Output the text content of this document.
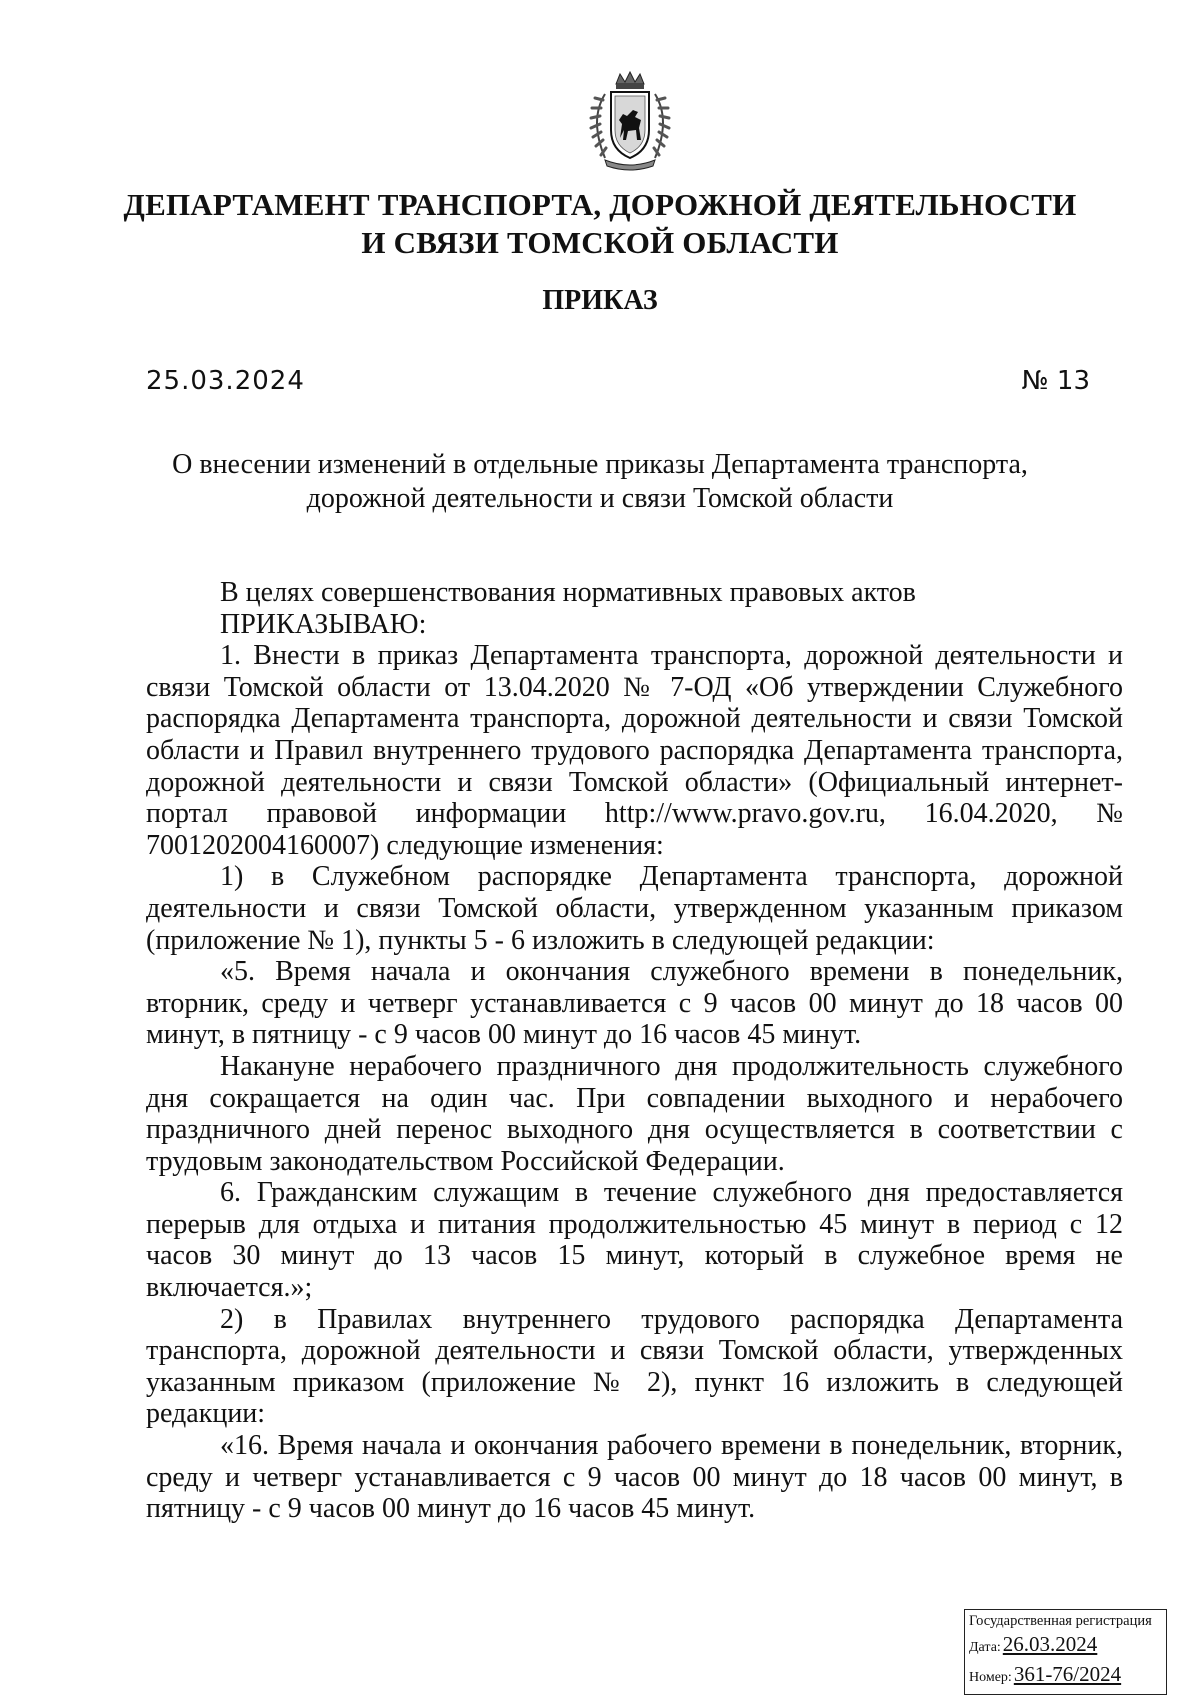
ДЕПАРТАМЕНТ ТРАНСПОРТА, ДОРОЖНОЙ ДЕЯТЕЛЬНОСТИ
И СВЯЗИ ТОМСКОЙ ОБЛАСТИ
ПРИКАЗ
25.03.2024	№ 13
О внесении изменений в отдельные приказы Департамента транспорта,
дорожной деятельности и связи Томской области

В целях совершенствования нормативных правовых актов

ПРИКАЗЫВАЮ:

1. Внести в приказ Департамента транспорта, дорожной деятельности и связи Томской области от 13.04.2020 № 7-ОД «Об утверждении Служебного распорядка Департамента транспорта, дорожной деятельности и связи Томской области и Правил внутреннего трудового распорядка Департамента транспорта, дорожной деятельности и связи Томской области» (Официальный интернет-портал правовой информации http://www.pravo.gov.ru, 16.04.2020, № 7001202004160007) следующие изменения:

1) в Служебном распорядке Департамента транспорта, дорожной деятельности и связи Томской области, утвержденном указанным приказом (приложение № 1), пункты 5 - 6 изложить в следующей редакции:

«5. Время начала и окончания служебного времени в понедельник, вторник, среду и четверг устанавливается с 9 часов 00 минут до 18 часов 00 минут, в пятницу - с 9 часов 00 минут до 16 часов 45 минут.

Накануне нерабочего праздничного дня продолжительность служебного дня сокращается на один час. При совпадении выходного и нерабочего праздничного дней перенос выходного дня осуществляется в соответствии с трудовым законодательством Российской Федерации.

6. Гражданским служащим в течение служебного дня предоставляется перерыв для отдыха и питания продолжительностью 45 минут в период с 12 часов 30 минут до 13 часов 15 минут, который в служебное время не включается.»;

2) в Правилах внутреннего трудового распорядка Департамента транспорта, дорожной деятельности и связи Томской области, утвержденных указанным приказом (приложение № 2), пункт 16 изложить в следующей редакции:

«16. Время начала и окончания рабочего времени в понедельник, вторник, среду и четверг устанавливается с 9 часов 00 минут до 18 часов 00 минут, в пятницу - с 9 часов 00 минут до 16 часов 45 минут.

Государственная регистрация
Дата:26.03.2024
Номер:361-76/2024
